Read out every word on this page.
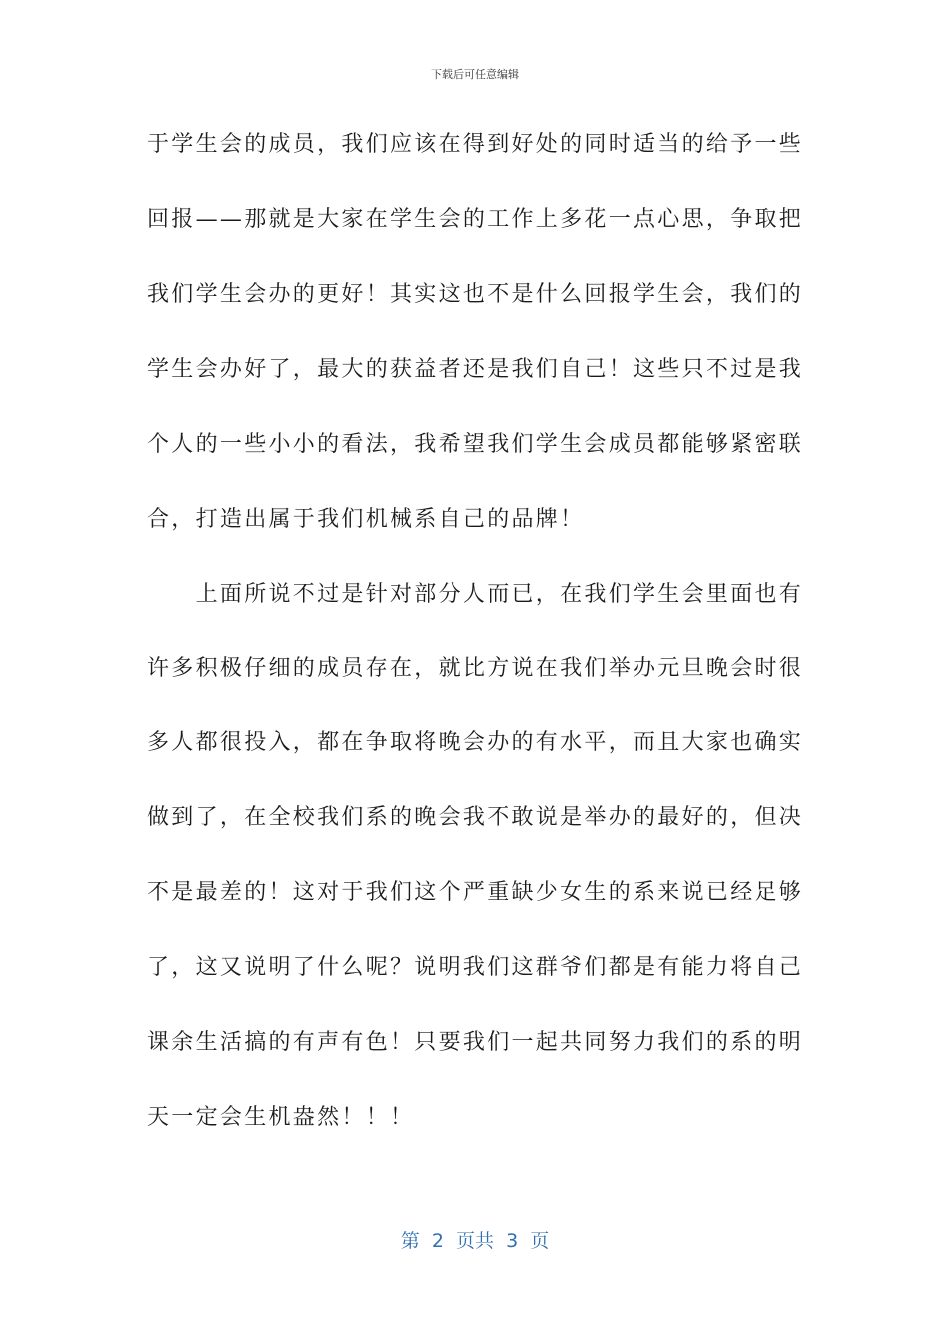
下载后可任意编辑
于学生会的成员，我们应该在得到好处的同时适当的给予一些
回报——那就是大家在学生会的工作上多花一点心思，争取把
我们学生会办的更好！其实这也不是什么回报学生会，我们的
学生会办好了，最大的获益者还是我们自己！这些只不过是我
个人的一些小小的看法，我希望我们学生会成员都能够紧密联
合，打造出属于我们机械系自己的品牌！
　　上面所说不过是针对部分人而已，在我们学生会里面也有
许多积极仔细的成员存在，就比方说在我们举办元旦晚会时很
多人都很投入，都在争取将晚会办的有水平，而且大家也确实
做到了，在全校我们系的晚会我不敢说是举办的最好的，但决
不是最差的！这对于我们这个严重缺少女生的系来说已经足够
了，这又说明了什么呢？说明我们这群爷们都是有能力将自己
课余生活搞的有声有色！只要我们一起共同努力我们的系的明
天一定会生机盎然！！！
第  2  页共  3  页
